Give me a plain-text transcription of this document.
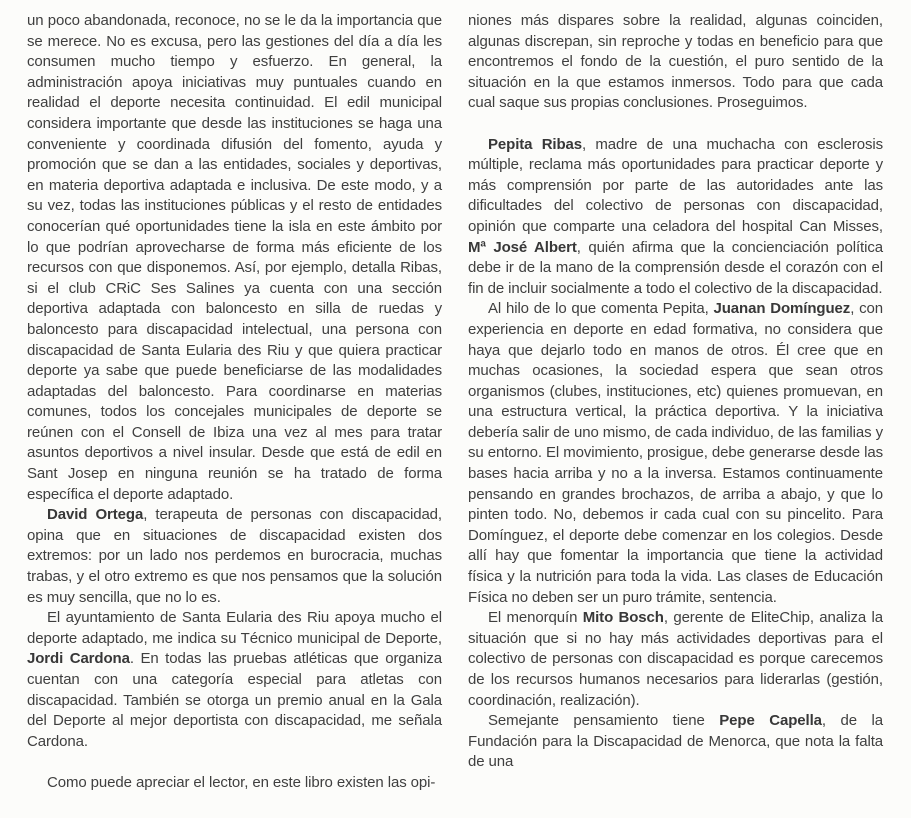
un poco abandonada, reconoce, no se le da la importancia que se merece. No es excusa, pero las gestiones del día a día les consumen mucho tiempo y esfuerzo. En general, la administración apoya iniciativas muy puntuales cuando en realidad el deporte necesita continuidad. El edil municipal considera importante que desde las instituciones se haga una conveniente y coordinada difusión del fomento, ayuda y promoción que se dan a las entidades, sociales y deportivas, en materia deportiva adaptada e inclusiva. De este modo, y a su vez, todas las instituciones públicas y el resto de entidades conocerían qué oportunidades tiene la isla en este ámbito por lo que podrían aprovecharse de forma más eficiente de los recursos con que disponemos. Así, por ejemplo, detalla Ribas, si el club CRiC Ses Salines ya cuenta con una sección deportiva adaptada con baloncesto en silla de ruedas y baloncesto para discapacidad intelectual, una persona con discapacidad de Santa Eularia des Riu y que quiera practicar deporte ya sabe que puede beneficiarse de las modalidades adaptadas del baloncesto. Para coordinarse en materias comunes, todos los concejales municipales de deporte se reúnen con el Consell de Ibiza una vez al mes para tratar asuntos deportivos a nivel insular. Desde que está de edil en Sant Josep en ninguna reunión se ha tratado de forma específica el deporte adaptado.

David Ortega, terapeuta de personas con discapacidad, opina que en situaciones de discapacidad existen dos extremos: por un lado nos perdemos en burocracia, muchas trabas, y el otro extremo es que nos pensamos que la solución es muy sencilla, que no lo es.

El ayuntamiento de Santa Eularia des Riu apoya mucho el deporte adaptado, me indica su Técnico municipal de Deporte, Jordi Cardona. En todas las pruebas atléticas que organiza cuentan con una categoría especial para atletas con discapacidad. También se otorga un premio anual en la Gala del Deporte al mejor deportista con discapacidad, me señala Cardona.

Como puede apreciar el lector, en este libro existen las opi-

niones más dispares sobre la realidad, algunas coinciden, algunas discrepan, sin reproche y todas en beneficio para que encontremos el fondo de la cuestión, el puro sentido de la situación en la que estamos inmersos. Todo para que cada cual saque sus propias conclusiones. Proseguimos.

Pepita Ribas, madre de una muchacha con esclerosis múltiple, reclama más oportunidades para practicar deporte y más comprensión por parte de las autoridades ante las dificultades del colectivo de personas con discapacidad, opinión que comparte una celadora del hospital Can Misses, Mª José Albert, quién afirma que la concienciación política debe ir de la mano de la comprensión desde el corazón con el fin de incluir socialmente a todo el colectivo de la discapacidad.

Al hilo de lo que comenta Pepita, Juanan Domínguez, con experiencia en deporte en edad formativa, no considera que haya que dejarlo todo en manos de otros. Él cree que en muchas ocasiones, la sociedad espera que sean otros organismos (clubes, instituciones, etc) quienes promuevan, en una estructura vertical, la práctica deportiva. Y la iniciativa debería salir de uno mismo, de cada individuo, de las familias y su entorno. El movimiento, prosigue, debe generarse desde las bases hacia arriba y no a la inversa. Estamos continuamente pensando en grandes brochazos, de arriba a abajo, y que lo pinten todo. No, debemos ir cada cual con su pincelito. Para Domínguez, el deporte debe comenzar en los colegios. Desde allí hay que fomentar la importancia que tiene la actividad física y la nutrición para toda la vida. Las clases de Educación Física no deben ser un puro trámite, sentencia.

El menorquín Mito Bosch, gerente de EliteChip, analiza la situación que si no hay más actividades deportivas para el colectivo de personas con discapacidad es porque carecemos de los recursos humanos necesarios para liderarlas (gestión, coordinación, realización).

Semejante pensamiento tiene Pepe Capella, de la Fundación para la Discapacidad de Menorca, que nota la falta de una
